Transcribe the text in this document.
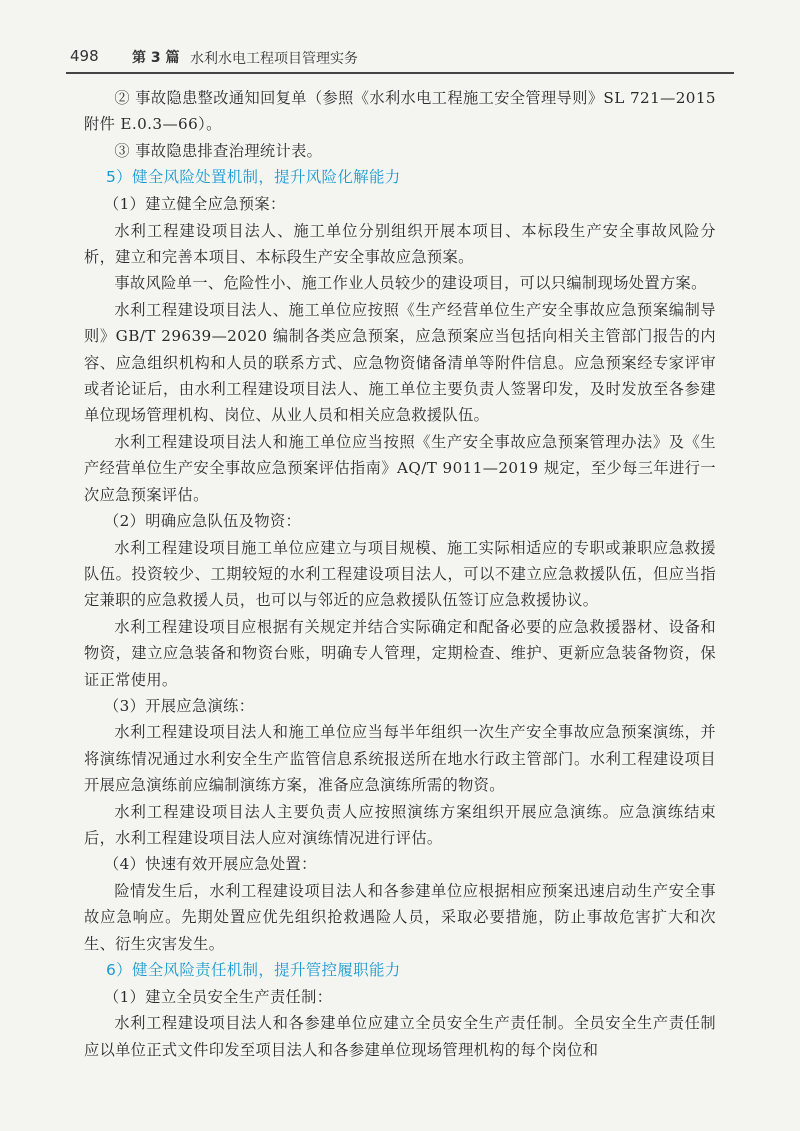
498 第 3 篇 水利水电工程项目管理实务

② 事故隐患整改通知回复单（参照《水利水电工程施工安全管理导则》SL 721—2015 附件 E.0.3—66）。

③ 事故隐患排查治理统计表。

5）健全风险处置机制，提升风险化解能力

（1）建立健全应急预案：

水利工程建设项目法人、施工单位分别组织开展本项目、本标段生产安全事故风险分析，建立和完善本项目、本标段生产安全事故应急预案。

事故风险单一、危险性小、施工作业人员较少的建设项目，可以只编制现场处置方案。

水利工程建设项目法人、施工单位应按照《生产经营单位生产安全事故应急预案编制导则》GB/T 29639—2020 编制各类应急预案，应急预案应当包括向相关主管部门报告的内容、应急组织机构和人员的联系方式、应急物资储备清单等附件信息。应急预案经专家评审或者论证后，由水利工程建设项目法人、施工单位主要负责人签署印发，及时发放至各参建单位现场管理机构、岗位、从业人员和相关应急救援队伍。

水利工程建设项目法人和施工单位应当按照《生产安全事故应急预案管理办法》及《生产经营单位生产安全事故应急预案评估指南》AQ/T 9011—2019 规定，至少每三年进行一次应急预案评估。

（2）明确应急队伍及物资：

水利工程建设项目施工单位应建立与项目规模、施工实际相适应的专职或兼职应急救援队伍。投资较少、工期较短的水利工程建设项目法人，可以不建立应急救援队伍，但应当指定兼职的应急救援人员，也可以与邻近的应急救援队伍签订应急救援协议。

水利工程建设项目应根据有关规定并结合实际确定和配备必要的应急救援器材、设备和物资，建立应急装备和物资台账，明确专人管理，定期检查、维护、更新应急装备物资，保证正常使用。

（3）开展应急演练：

水利工程建设项目法人和施工单位应当每半年组织一次生产安全事故应急预案演练，并将演练情况通过水利安全生产监管信息系统报送所在地水行政主管部门。水利工程建设项目开展应急演练前应编制演练方案，准备应急演练所需的物资。

水利工程建设项目法人主要负责人应按照演练方案组织开展应急演练。应急演练结束后，水利工程建设项目法人应对演练情况进行评估。

（4）快速有效开展应急处置：

险情发生后，水利工程建设项目法人和各参建单位应根据相应预案迅速启动生产安全事故应急响应。先期处置应优先组织抢救遇险人员，采取必要措施，防止事故危害扩大和次生、衍生灾害发生。

6）健全风险责任机制，提升管控履职能力

（1）建立全员安全生产责任制：

水利工程建设项目法人和各参建单位应建立全员安全生产责任制。全员安全生产责任制应以单位正式文件印发至项目法人和各参建单位现场管理机构的每个岗位和
